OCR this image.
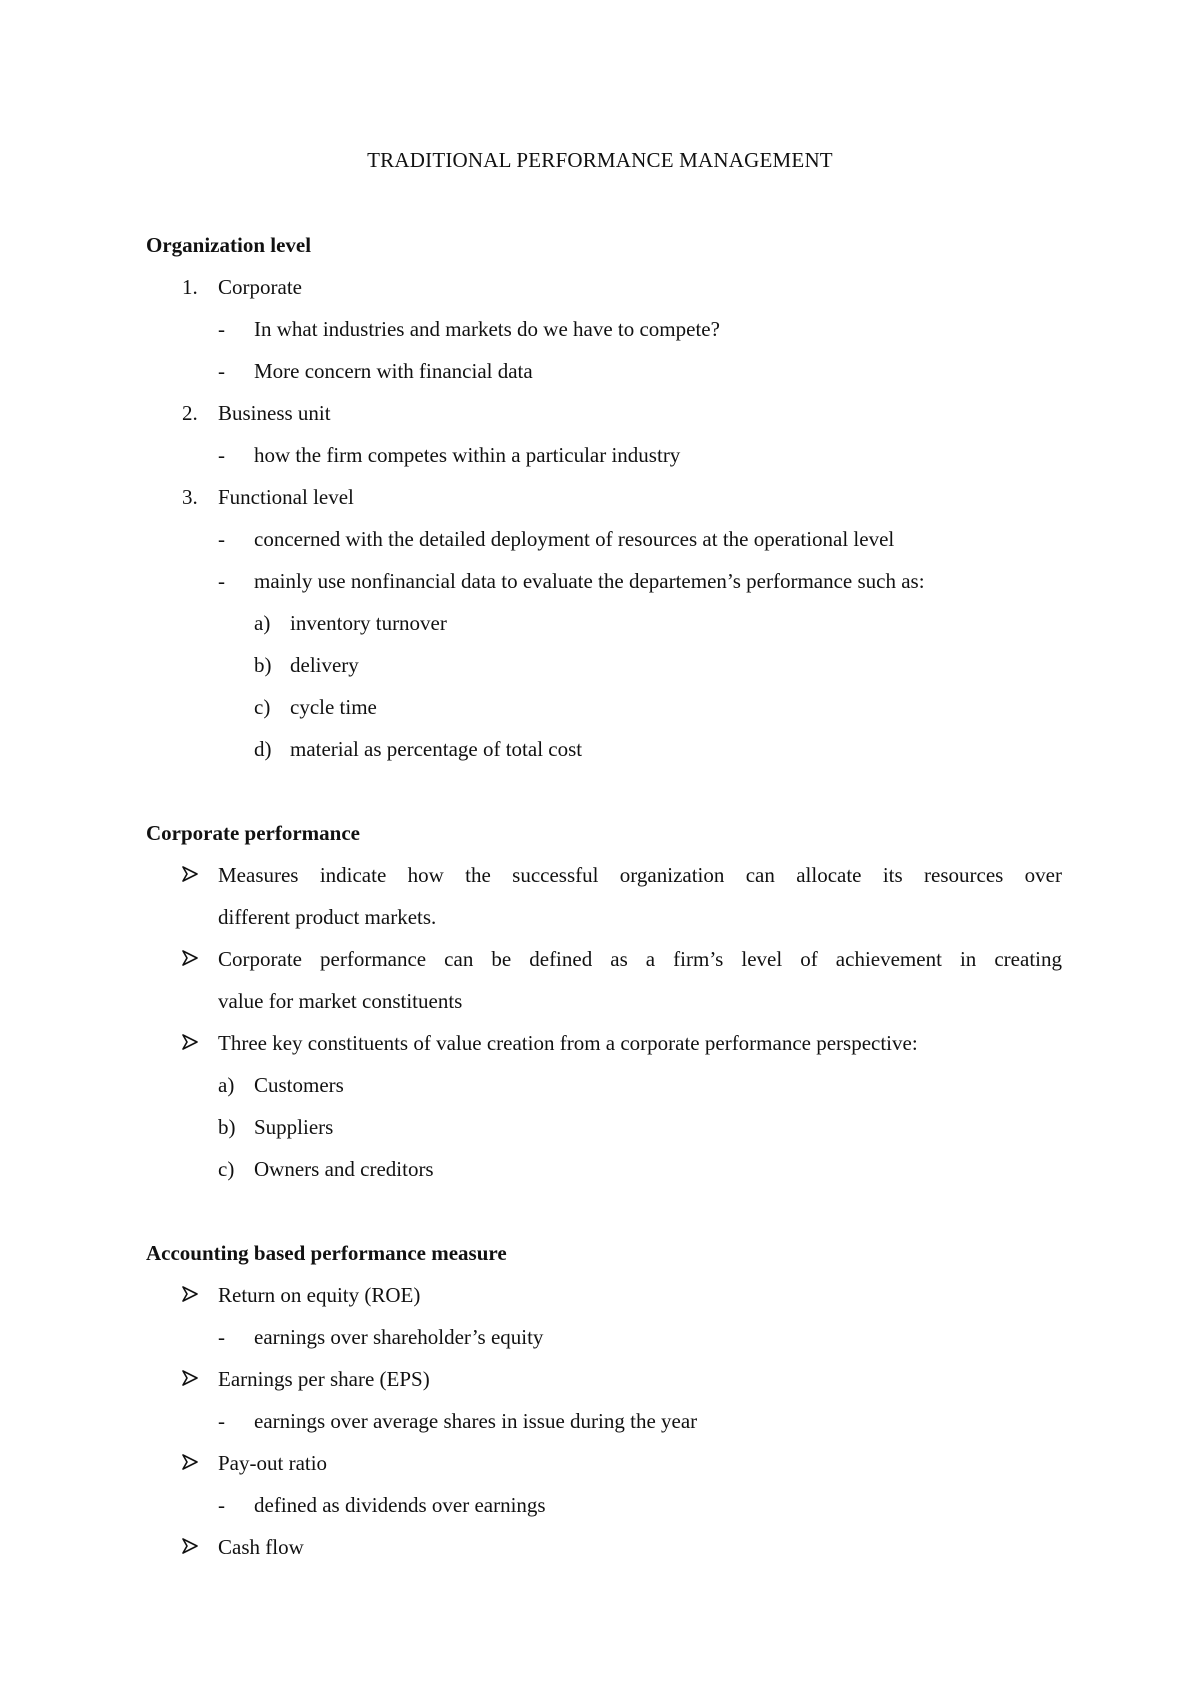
TRADITIONAL PERFORMANCE MANAGEMENT
Organization level
1. Corporate
- In what industries and markets do we have to compete?
- More concern with financial data
2. Business unit
- how the firm competes within a particular industry
3. Functional level
- concerned with the detailed deployment of resources at the operational level
- mainly use nonfinancial data to evaluate the departemen’s performance such as:
a) inventory turnover
b) delivery
c) cycle time
d) material as percentage of total cost
Corporate performance
Measures indicate how the successful organization can allocate its resources over
different product markets.
Corporate performance can be defined as a firm’s level of achievement in creating
value for market constituents
Three key constituents of value creation from a corporate performance perspective:
a) Customers
b) Suppliers
c) Owners and creditors
Accounting based performance measure
Return on equity (ROE)
- earnings over shareholder’s equity
Earnings per share (EPS)
- earnings over average shares in issue during the year
Pay-out ratio
- defined as dividends over earnings
Cash flow
